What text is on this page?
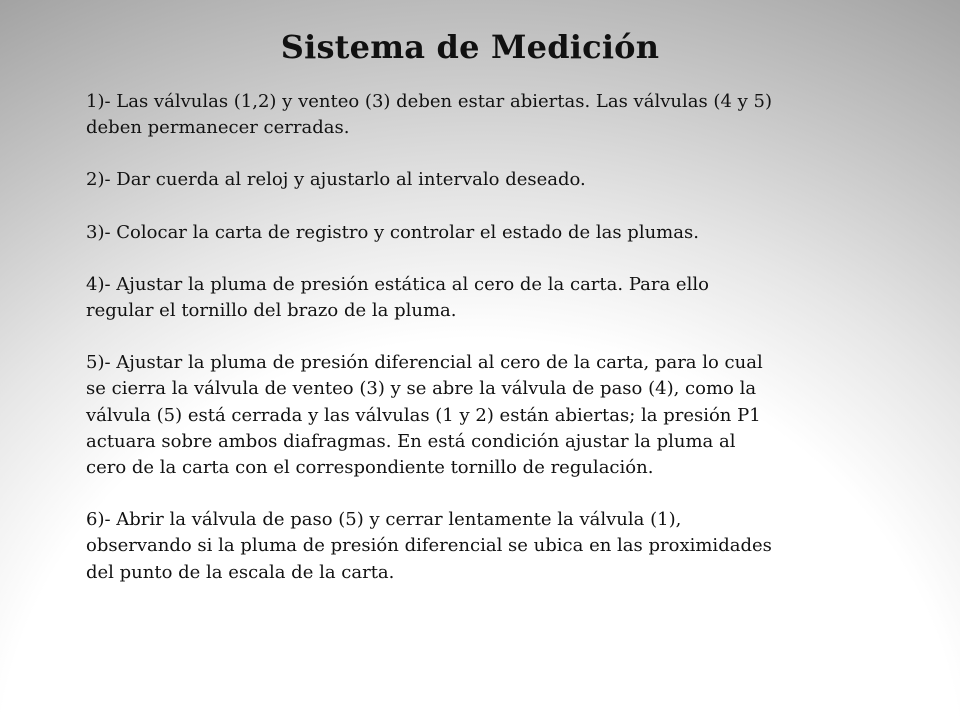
Sistema de Medición

1)- Las válvulas (1,2) y venteo (3) deben estar abiertas. Las válvulas (4 y 5)
deben permanecer cerradas.

2)- Dar cuerda al reloj y ajustarlo al intervalo deseado.

3)- Colocar la carta de registro y controlar el estado de las plumas.

4)- Ajustar la pluma de presión estática al cero de la carta. Para ello
regular el tornillo del brazo de la pluma.

5)- Ajustar la pluma de presión diferencial al cero de la carta, para lo cual
se cierra la válvula de venteo (3) y se abre la válvula de paso (4), como la
válvula (5) está cerrada y las válvulas (1 y 2) están abiertas; la presión P1
actuara sobre ambos diafragmas. En está condición ajustar la pluma al
cero de la carta con el correspondiente tornillo de regulación.

6)- Abrir la válvula de paso (5) y cerrar lentamente la válvula (1),
observando si la pluma de presión diferencial se ubica en las proximidades
del punto de la escala de la carta.
